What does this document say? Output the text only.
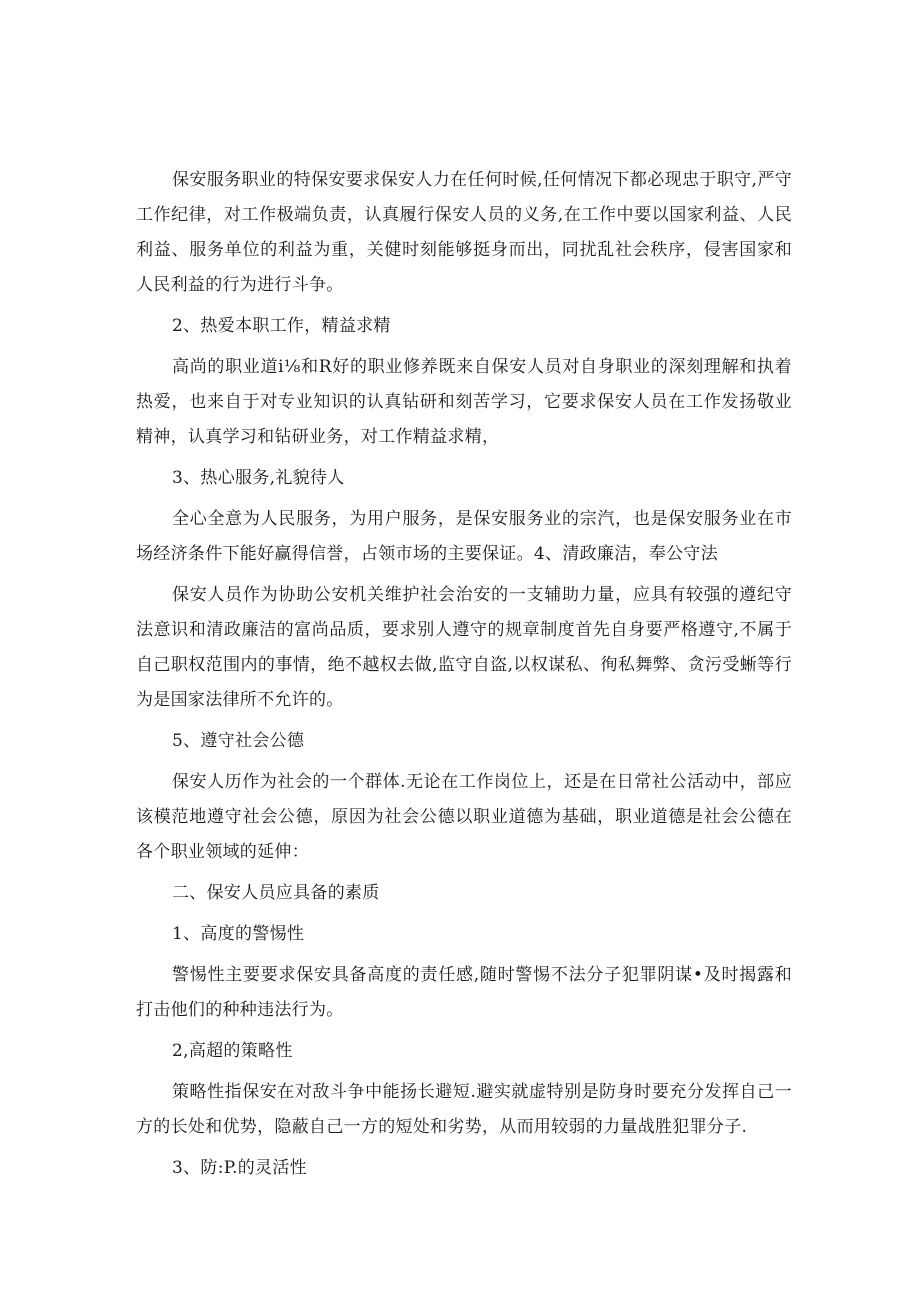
保安服务职业的特保安要求保安人力在任何时候,任何情况下都必现忠于职守,严守工作纪律，对工作极端负责，认真履行保安人员的义务,在工作中要以国家利益、人民利益、服务单位的利益为重，关健时刻能够挺身而出，同扰乱社会秩序，侵害国家和人民利益的行为进行斗争。

2、热爱本职工作，精益求精

高尚的职业道i⅛和R好的职业修养既来自保安人员对自身职业的深刻理解和执着热爱，也来自于对专业知识的认真钻研和刻苦学习，它要求保安人员在工作发扬敬业精神，认真学习和钻研业务，对工作精益求精，

3、热心服务,礼貌待人

全心全意为人民服务，为用户服务，是保安服务业的宗汽，也是保安服务业在市场经济条件下能好赢得信誉，占领市场的主要保证。4、清政廉洁，奉公守法

保安人员作为协助公安机关维护社会治安的一支辅助力量，应具有较强的遵纪守法意识和清政廉洁的富尚品质，要求别人遵守的规章制度首先自身要严格遵守,不属于自己职权范围内的事情，绝不越权去做,监守自盗,以权谋私、徇私舞弊、贪污受蜥等行为是国家法律所不允许的。

5、遵守社会公德

保安人历作为社会的一个群体.无论在工作岗位上，还是在日常社公活动中，部应该模范地遵守社会公德，原因为社会公德以职业道德为基础，职业道德是社会公德在各个职业领域的延伸：

二、保安人员应具备的素质

1、高度的警惕性

警惕性主要要求保安具备高度的责任感,随时警惕不法分子犯罪阴谋•及时揭露和打击他们的种种违法行为。

2,高超的策略性

策略性指保安在对敌斗争中能扬长避短.避实就虚特别是防身时要充分发挥自己一方的长处和优势，隐蔽自己一方的短处和劣势，从而用较弱的力量战胜犯罪分子.

3、防:P.的灵活性
